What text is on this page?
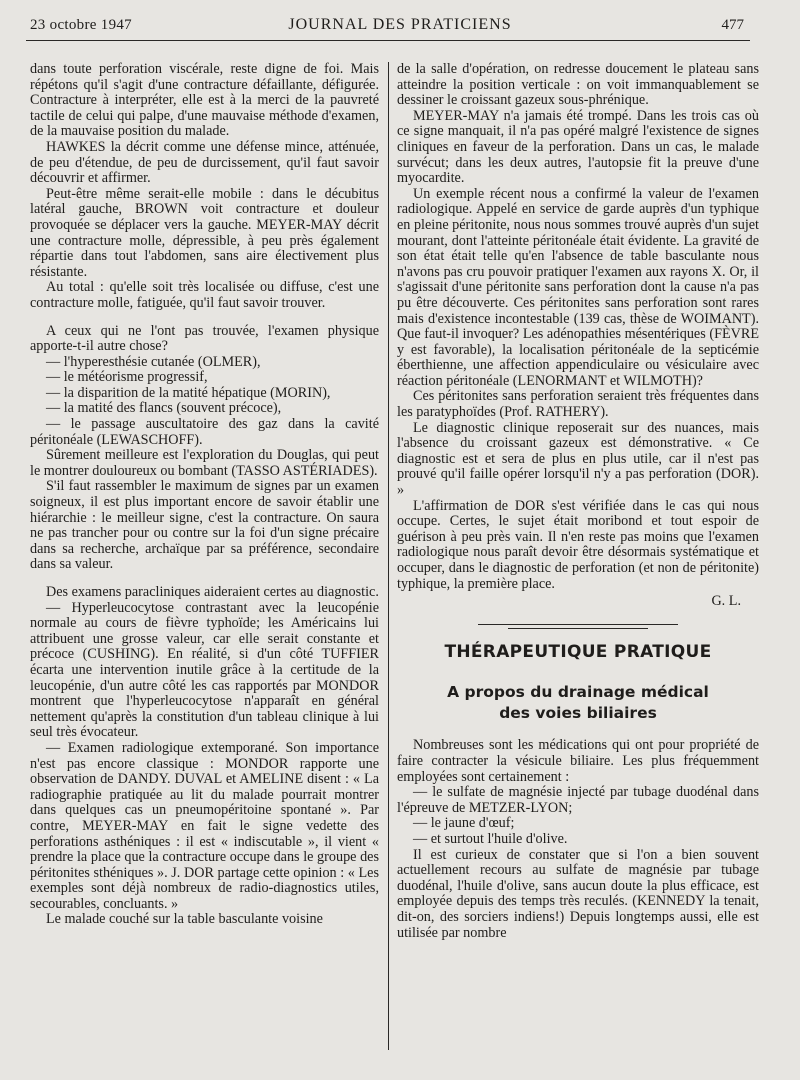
23 octobre 1947	JOURNAL DES PRATICIENS	477

dans toute perforation viscérale, reste digne de foi. Mais répétons qu'il s'agit d'une contracture défaillante, défigurée. Contracture à interpréter, elle est à la merci de la pauvreté tactile de celui qui palpe, d'une mauvaise méthode d'examen, de la mauvaise position du malade.

HAWKES la décrit comme une défense mince, atténuée, de peu d'étendue, de peu de durcissement, qu'il faut savoir découvrir et affirmer.

Peut-être même serait-elle mobile : dans le décubitus latéral gauche, BROWN voit contracture et douleur provoquée se déplacer vers la gauche. MEYER-MAY décrit une contracture molle, dépressible, à peu près également répartie dans tout l'abdomen, sans aire électivement plus résistante.

Au total : qu'elle soit très localisée ou diffuse, c'est une contracture molle, fatiguée, qu'il faut savoir trouver.

A ceux qui ne l'ont pas trouvée, l'examen physique apporte-t-il autre chose?

— l'hyperesthésie cutanée (OLMER),

— le météorisme progressif,

— la disparition de la matité hépatique (MORIN),

— la matité des flancs (souvent précoce),

— le passage auscultatoire des gaz dans la cavité péritonéale (LEWASCHOFF).

Sûrement meilleure est l'exploration du Douglas, qui peut le montrer douloureux ou bombant (TASSO ASTÉRIADES).

S'il faut rassembler le maximum de signes par un examen soigneux, il est plus important encore de savoir établir une hiérarchie : le meilleur signe, c'est la contracture. On saura ne pas trancher pour ou contre sur la foi d'un signe précaire dans sa recherche, archaïque par sa préférence, secondaire dans sa valeur.

Des examens paracliniques aideraient certes au diagnostic.

— Hyperleucocytose contrastant avec la leucopénie normale au cours de fièvre typhoïde; les Américains lui attribuent une grosse valeur, car elle serait constante et précoce (CUSHING). En réalité, si d'un côté TUFFIER écarta une intervention inutile grâce à la certitude de la leucopénie, d'un autre côté les cas rapportés par MONDOR montrent que l'hyperleucocytose n'apparaît en général nettement qu'après la constitution d'un tableau clinique à lui seul très évocateur.

— Examen radiologique extemporané. Son importance n'est pas encore classique : MONDOR rapporte une observation de DANDY. DUVAL et AMELINE disent : « La radiographie pratiquée au lit du malade pourrait montrer dans quelques cas un pneumopéritoine spontané ». Par contre, MEYER-MAY en fait le signe vedette des perforations asthéniques : il est « indiscutable », il vient « prendre la place que la contracture occupe dans le groupe des péritonites sthéniques ». J. DOR partage cette opinion : « Les exemples sont déjà nombreux de radio-diagnostics utiles, secourables, concluants. »

Le malade couché sur la table basculante voisine

de la salle d'opération, on redresse doucement le plateau sans atteindre la position verticale : on voit immanquablement se dessiner le croissant gazeux sous-phrénique.

MEYER-MAY n'a jamais été trompé. Dans les trois cas où ce signe manquait, il n'a pas opéré malgré l'existence de signes cliniques en faveur de la perforation. Dans un cas, le malade survécut; dans les deux autres, l'autopsie fit la preuve d'une myocardite.

Un exemple récent nous a confirmé la valeur de l'examen radiologique. Appelé en service de garde auprès d'un typhique en pleine péritonite, nous nous sommes trouvé auprès d'un sujet mourant, dont l'atteinte péritonéale était évidente. La gravité de son état était telle qu'en l'absence de table basculante nous n'avons pas cru pouvoir pratiquer l'examen aux rayons X. Or, il s'agissait d'une péritonite sans perforation dont la cause n'a pas pu être découverte. Ces péritonites sans perforation sont rares mais d'existence incontestable (139 cas, thèse de WOIMANT). Que faut-il invoquer? Les adénopathies mésentériques (FÈVRE y est favorable), la localisation péritonéale de la septicémie éberthienne, une affection appendiculaire ou vésiculaire avec réaction péritonéale (LENORMANT et WILMOTH)?

Ces péritonites sans perforation seraient très fréquentes dans les paratyphoïdes (Prof. RATHERY).

Le diagnostic clinique reposerait sur des nuances, mais l'absence du croissant gazeux est démonstrative. « Ce diagnostic est et sera de plus en plus utile, car il n'est pas prouvé qu'il faille opérer lorsqu'il n'y a pas perforation (DOR). »

L'affirmation de DOR s'est vérifiée dans le cas qui nous occupe. Certes, le sujet était moribond et tout espoir de guérison à peu près vain. Il n'en reste pas moins que l'examen radiologique nous paraît devoir être désormais systématique et occuper, dans le diagnostic de perforation (et non de péritonite) typhique, la première place.

G. L.

THÉRAPEUTIQUE PRATIQUE
A propos du drainage médical
des voies biliaires

Nombreuses sont les médications qui ont pour propriété de faire contracter la vésicule biliaire. Les plus fréquemment employées sont certainement :

— le sulfate de magnésie injecté par tubage duodénal dans l'épreuve de METZER-LYON;

— le jaune d'œuf;

— et surtout l'huile d'olive.

Il est curieux de constater que si l'on a bien souvent actuellement recours au sulfate de magnésie par tubage duodénal, l'huile d'olive, sans aucun doute la plus efficace, est employée depuis des temps très reculés. (KENNEDY la tenait, dit-on, des sorciers indiens!) Depuis longtemps aussi, elle est utilisée par nombre
